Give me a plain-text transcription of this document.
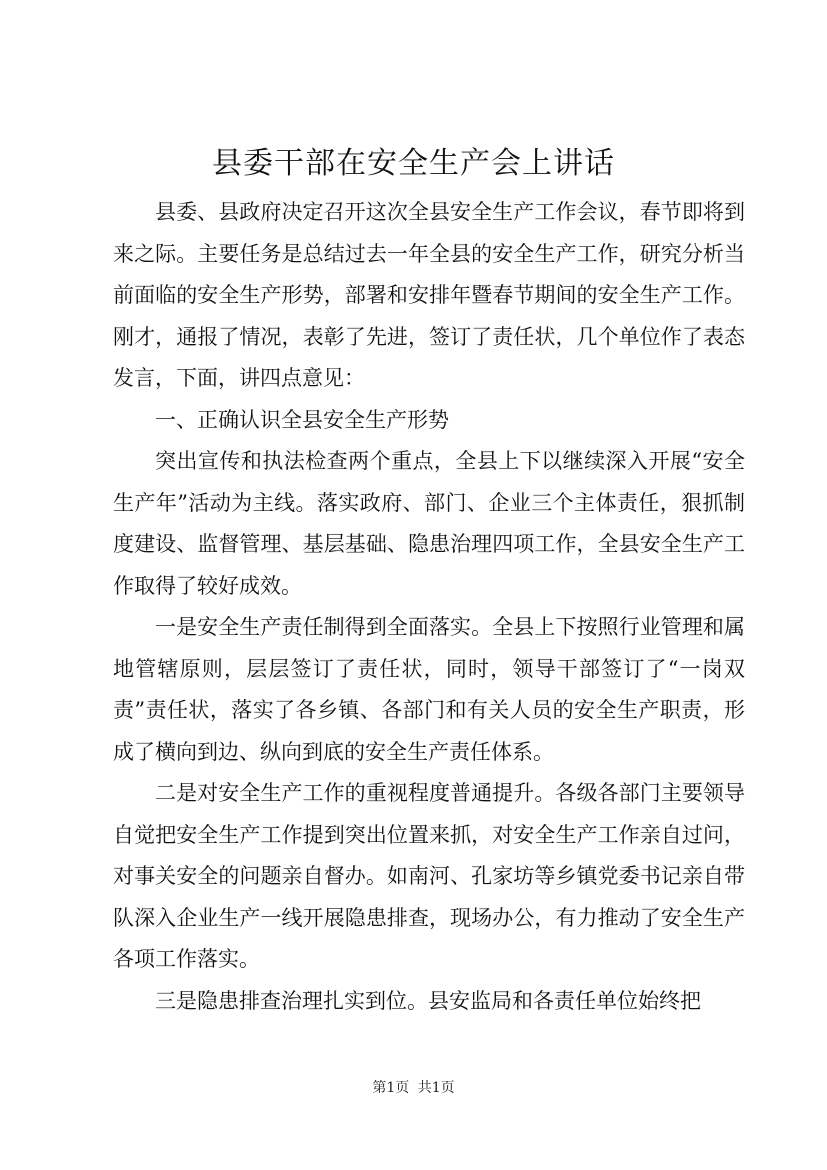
县委干部在安全生产会上讲话

县委、县政府决定召开这次全县安全生产工作会议，春节即将到来之际。主要任务是总结过去一年全县的安全生产工作，研究分析当前面临的安全生产形势，部署和安排年暨春节期间的安全生产工作。刚才，通报了情况，表彰了先进，签订了责任状，几个单位作了表态发言，下面，讲四点意见：

一、正确认识全县安全生产形势

突出宣传和执法检查两个重点，全县上下以继续深入开展“安全生产年”活动为主线。落实政府、部门、企业三个主体责任，狠抓制度建设、监督管理、基层基础、隐患治理四项工作，全县安全生产工作取得了较好成效。

一是安全生产责任制得到全面落实。全县上下按照行业管理和属地管辖原则，层层签订了责任状，同时，领导干部签订了“一岗双责”责任状，落实了各乡镇、各部门和有关人员的安全生产职责，形成了横向到边、纵向到底的安全生产责任体系。

二是对安全生产工作的重视程度普通提升。各级各部门主要领导自觉把安全生产工作提到突出位置来抓，对安全生产工作亲自过问，对事关安全的问题亲自督办。如南河、孔家坊等乡镇党委书记亲自带队深入企业生产一线开展隐患排查，现场办公，有力推动了安全生产各项工作落实。

三是隐患排查治理扎实到位。县安监局和各责任单位始终把

第1页 共1页
